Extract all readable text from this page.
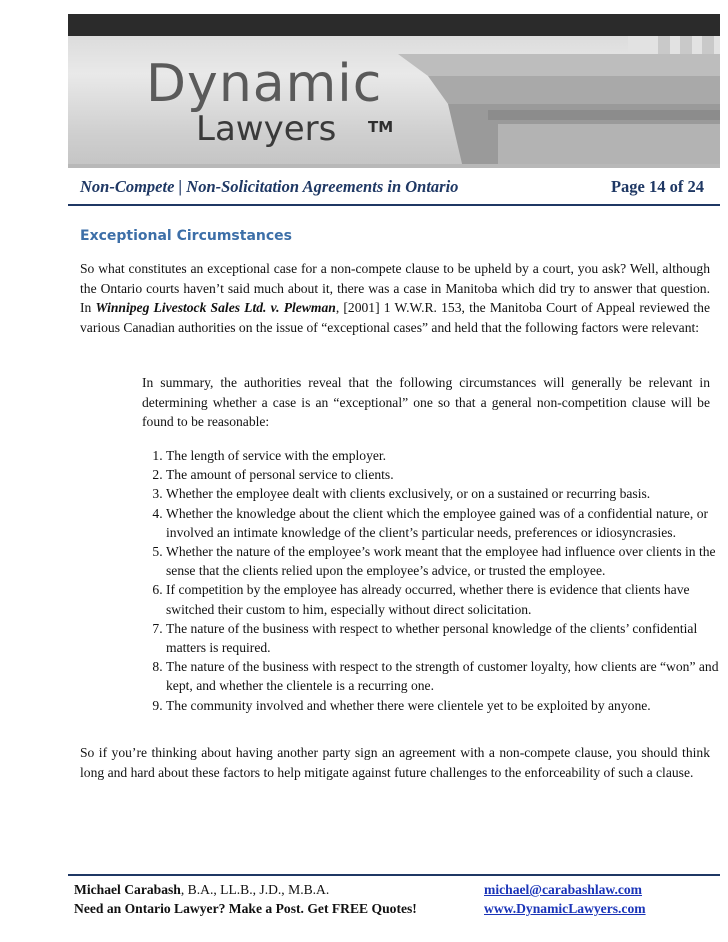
Dynamic
Lawyers TM
Non-Compete | Non-Solicitation Agreements in Ontario	Page 14 of 24
Exceptional Circumstances

So what constitutes an exceptional case for a non-compete clause to be upheld by a court, you ask? Well, although the Ontario courts haven’t said much about it, there was a case in Manitoba which did try to answer that question. In Winnipeg Livestock Sales Ltd. v. Plewman, [2001] 1 W.W.R. 153, the Manitoba Court of Appeal reviewed the various Canadian authorities on the issue of “exceptional cases” and held that the following factors were relevant:

In summary, the authorities reveal that the following circumstances will generally be relevant in determining whether a case is an “exceptional” one so that a general non-competition clause will be found to be reasonable:

1. The length of service with the employer.
2. The amount of personal service to clients.
3. Whether the employee dealt with clients exclusively, or on a sustained or recurring basis.
4. Whether the knowledge about the client which the employee gained was of a confidential nature, or involved an intimate knowledge of the client’s particular needs, preferences or idiosyncrasies.
5. Whether the nature of the employee’s work meant that the employee had influence over clients in the sense that the clients relied upon the employee’s advice, or trusted the employee.
6. If competition by the employee has already occurred, whether there is evidence that clients have switched their custom to him, especially without direct solicitation.
7. The nature of the business with respect to whether personal knowledge of the clients’ confidential matters is required.
8. The nature of the business with respect to the strength of customer loyalty, how clients are “won” and kept, and whether the clientele is a recurring one.
9. The community involved and whether there were clientele yet to be exploited by anyone.

So if you’re thinking about having another party sign an agreement with a non-compete clause, you should think long and hard about these factors to help mitigate against future challenges to the enforceability of such a clause.

Michael Carabash, B.A., LL.B., J.D., M.B.A.
Need an Ontario Lawyer? Make a Post. Get FREE Quotes!
michael@carabashlaw.com
www.DynamicLawyers.com
